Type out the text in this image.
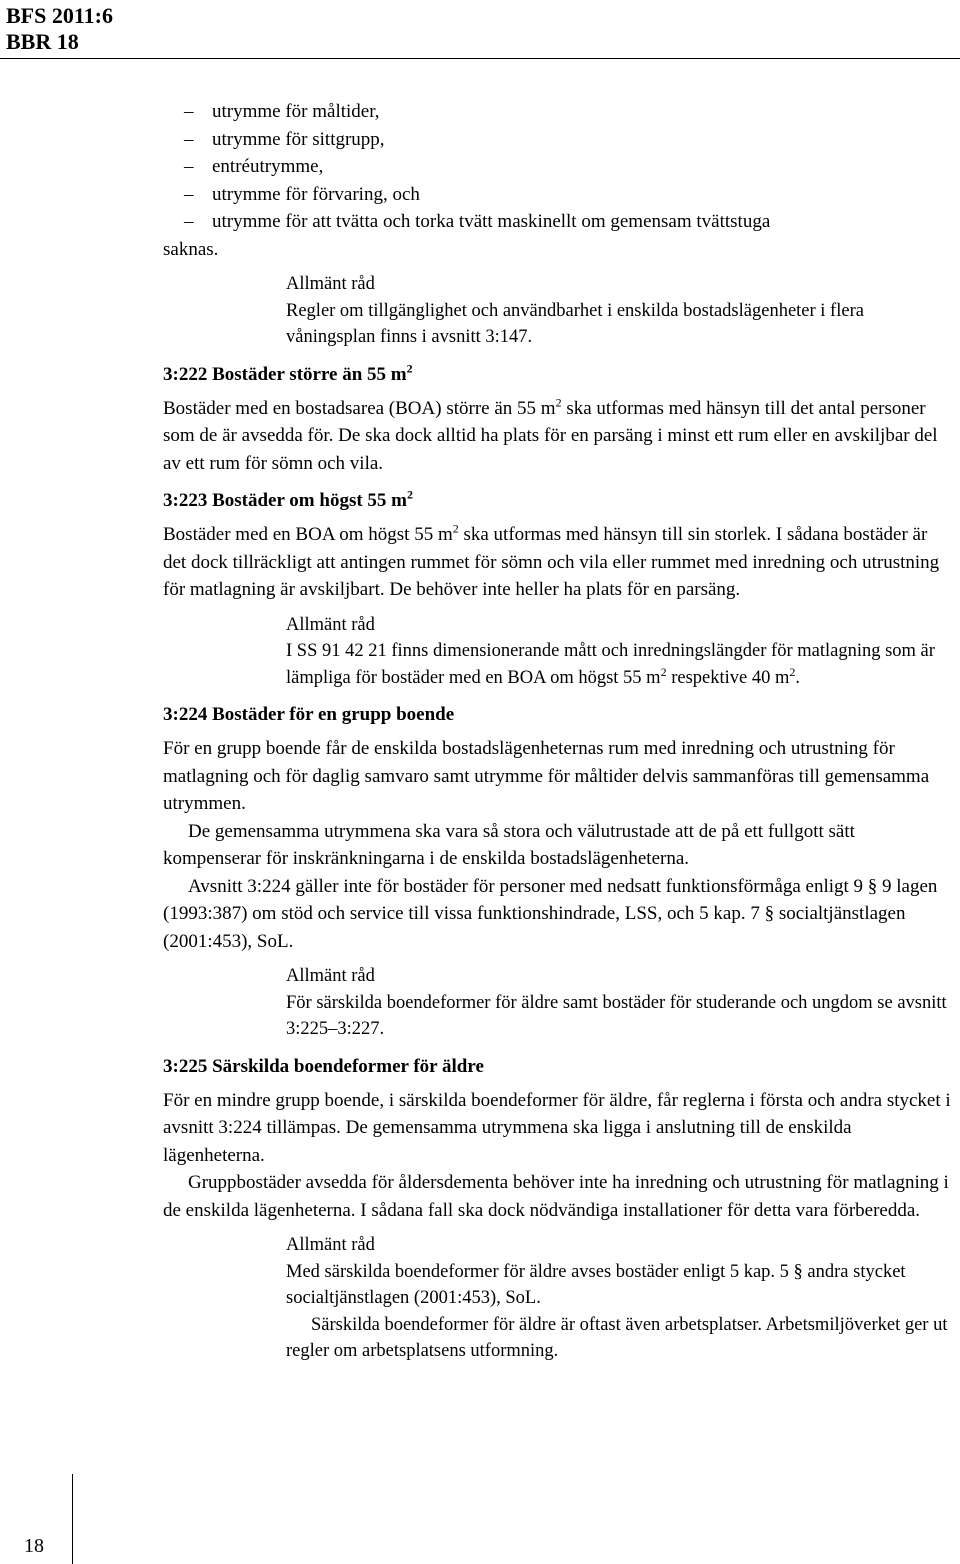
BFS 2011:6
BBR 18
– utrymme för måltider,
– utrymme för sittgrupp,
– entréutrymme,
– utrymme för förvaring, och
– utrymme för att tvätta och torka tvätt maskinellt om gemensam tvättstuga

saknas.

Allmänt råd

Regler om tillgänglighet och användbarhet i enskilda bostadslägenheter i flera våningsplan finns i avsnitt 3:147.

3:222 Bostäder större än 55 $m^2$

Bostäder med en bostadsarea (BOA) större än 55 $m^2$ ska utformas med hänsyn till det antal personer som de är avsedda för. De ska dock alltid ha plats för en parsäng i minst ett rum eller en avskiljbar del av ett rum för sömn och vila.

3:223 Bostäder om högst 55 $m^2$

Bostäder med en BOA om högst 55 $m^2$ ska utformas med hänsyn till sin storlek. I sådana bostäder är det dock tillräckligt att antingen rummet för sömn och vila eller rummet med inredning och utrustning för matlagning är avskiljbart. De behöver inte heller ha plats för en parsäng.

Allmänt råd

I SS 91 42 21 finns dimensionerande mått och inredningslängder för matlagning som är lämpliga för bostäder med en BOA om högst 55 $m^2$ respektive 40 $m^2$.

3:224 Bostäder för en grupp boende

För en grupp boende får de enskilda bostadslägenheternas rum med inredning och utrustning för matlagning och för daglig samvaro samt utrymme för måltider delvis sammanföras till gemensamma utrymmen.

De gemensamma utrymmena ska vara så stora och välutrustade att de på ett fullgott sätt kompenserar för inskränkningarna i de enskilda bostadslägenheterna.

Avsnitt 3:224 gäller inte för bostäder för personer med nedsatt funktionsförmåga enligt 9 § 9 lagen (1993:387) om stöd och service till vissa funktionshindrade, LSS, och 5 kap. 7 § socialtjänstlagen (2001:453), SoL.

Allmänt råd

För särskilda boendeformer för äldre samt bostäder för studerande och ungdom se avsnitt 3:225–3:227.

3:225 Särskilda boendeformer för äldre

För en mindre grupp boende, i särskilda boendeformer för äldre, får reglerna i första och andra stycket i avsnitt 3:224 tillämpas. De gemensamma utrymmena ska ligga i anslutning till de enskilda lägenheterna.

Gruppbostäder avsedda för åldersdementa behöver inte ha inredning och utrustning för matlagning i de enskilda lägenheterna. I sådana fall ska dock nödvändiga installationer för detta vara förberedda.

Allmänt råd

Med särskilda boendeformer för äldre avses bostäder enligt 5 kap. 5 § andra stycket socialtjänstlagen (2001:453), SoL.

Särskilda boendeformer för äldre är oftast även arbetsplatser. Arbetsmiljöverket ger ut regler om arbetsplatsens utformning.

18
